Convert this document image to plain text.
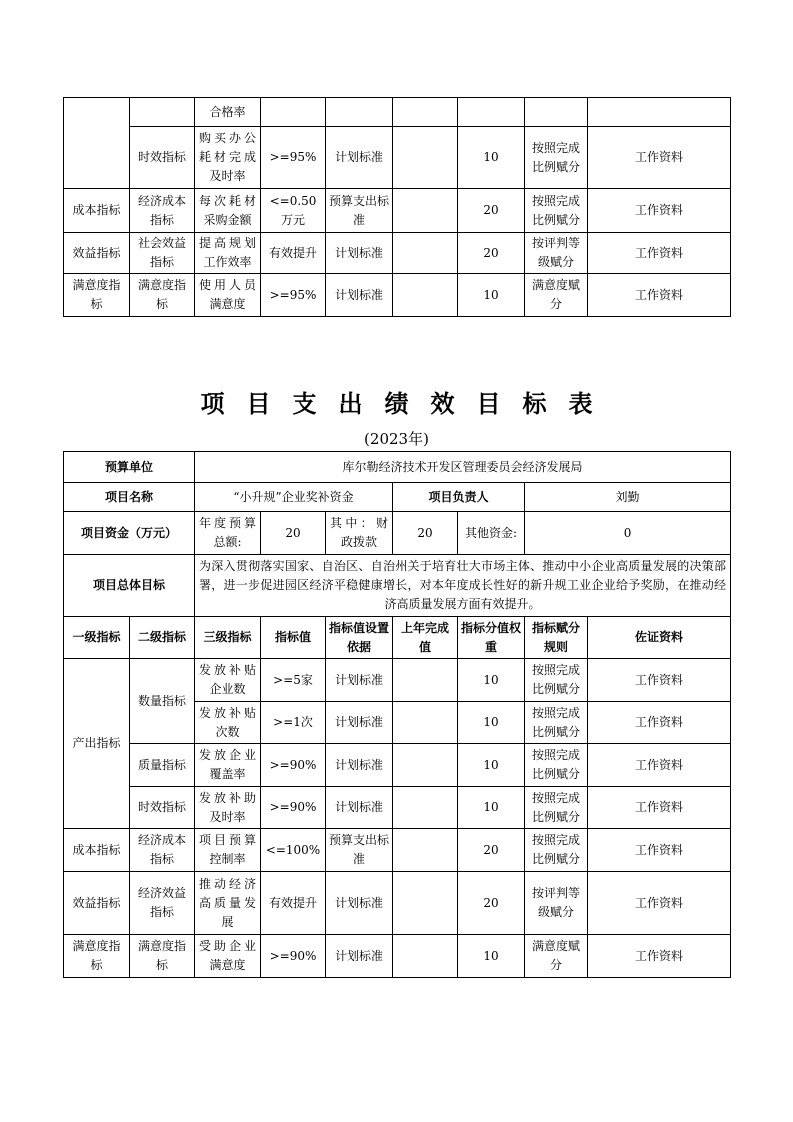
		合格率						
	时效指标	购买办公耗材完成及时率	>=95%	计划标准		10	按照完成比例赋分	工作资料
成本指标	经济成本指标	每次耗材采购金额	<=0.50万元	预算支出标准		20	按照完成比例赋分	工作资料
效益指标	社会效益指标	提高规划工作效率	有效提升	计划标准		20	按评判等级赋分	工作资料
满意度指标	满意度指标	使用人员满意度	>=95%	计划标准		10	满意度赋分	工作资料
项目支出绩效目标表
(2023年)
预算单位		库尔勒经济技术开发区管理委员会经济发展局						
项目名称		“小升规”企业奖补资金			项目负责人		刘勤	
项目资金（万元）		年度预算总额:	20	其中：财政拨款	20	其他资金:	0	
项目总体目标		为深入贯彻落实国家、自治区、自治州关于培育壮大市场主体、推动中小企业高质量发展的决策部署，进一步促进园区经济平稳健康增长，对本年度成长性好的新升规工业企业给予奖励，在推动经济高质量发展方面有效提升。						
一级指标	二级指标	三级指标	指标值	指标值设置依据	上年完成值	指标分值权重	指标赋分规则	佐证资料
产出指标	数量指标	发放补贴企业数	>=5家	计划标准		10	按照完成比例赋分	工作资料
		发放补贴次数	>=1次	计划标准		10	按照完成比例赋分	工作资料
	质量指标	发放企业覆盖率	>=90%	计划标准		10	按照完成比例赋分	工作资料
	时效指标	发放补助及时率	>=90%	计划标准		10	按照完成比例赋分	工作资料
成本指标	经济成本指标	项目预算控制率	<=100%	预算支出标准		20	按照完成比例赋分	工作资料
效益指标	经济效益指标	推动经济高质量发展	有效提升	计划标准		20	按评判等级赋分	工作资料
满意度指标	满意度指标	受助企业满意度	>=90%	计划标准		10	满意度赋分	工作资料
